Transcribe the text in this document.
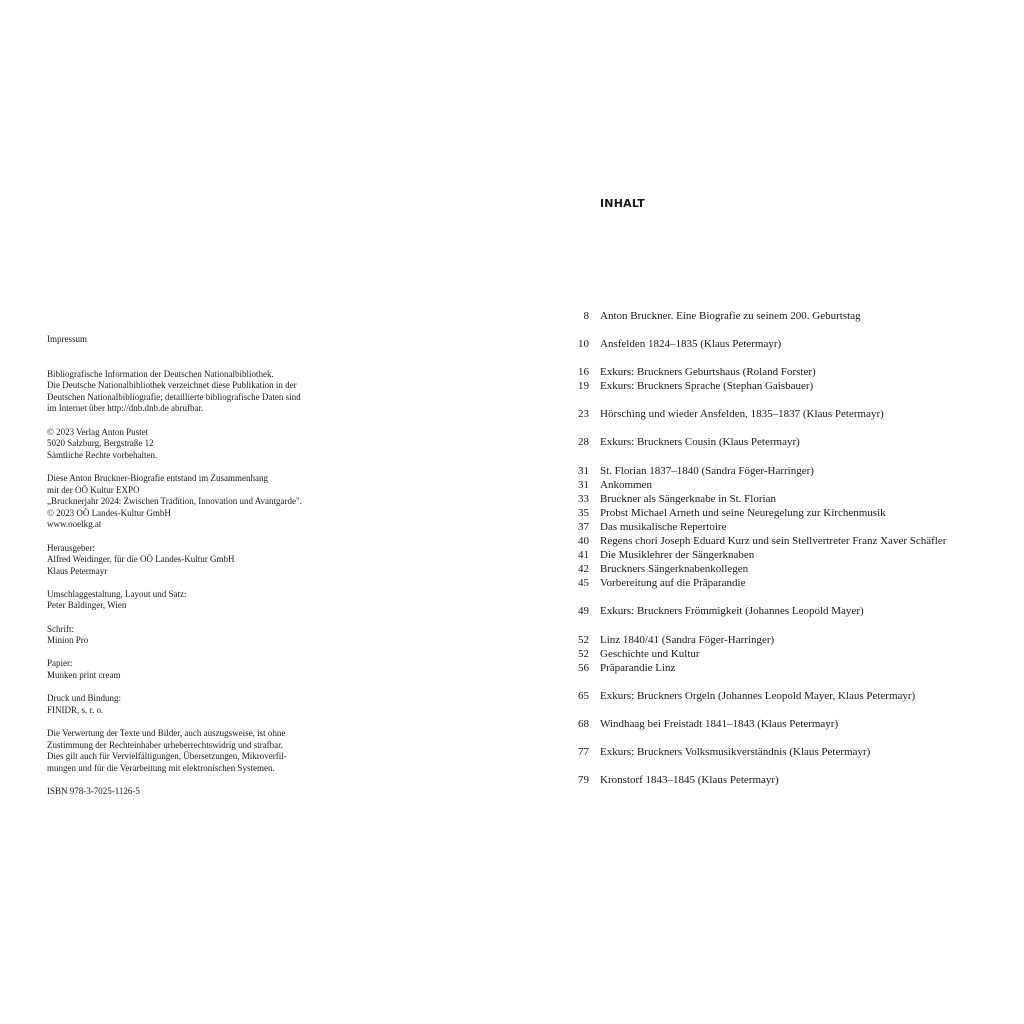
Impressum
Bibliografische Information der Deutschen Nationalbibliothek.
Die Deutsche Nationalbibliothek verzeichnet diese Publikation in der
Deutschen Nationalbibliografie; detaillierte bibliografische Daten sind
im Internet über http://dnb.dnb.de abrufbar.
© 2023 Verlag Anton Pustet
5020 Salzburg, Bergstraße 12
Sämtliche Rechte vorbehalten.
Diese Anton Bruckner-Biografie entstand im Zusammenhang
mit der OÖ Kultur EXPO
„Brucknerjahr 2024: Zwischen Tradition, Innovation und Avantgarde".
© 2023 OÖ Landes-Kultur GmbH
www.ooelkg.at
Herausgeber:
Alfred Weidinger, für die OÖ Landes-Kultur GmbH
Klaus Petermayr
Umschlaggestaltung, Layout und Satz:
Peter Baldinger, Wien
Schrift:
Minion Pro
Papier:
Munken print cream
Druck und Bindung:
FINIDR, s. r. o.
Die Verwertung der Texte und Bilder, auch auszugsweise, ist ohne
Zustimmung der Rechteinhaber urheberrechtswidrig und strafbar.
Dies gilt auch für Vervielfältigungen, Übersetzungen, Mikroverfil-
mungen und für die Verarbeitung mit elektronischen Systemen.
ISBN 978-3-7025-1126-5
INHALT
8 Anton Bruckner. Eine Biografie zu seinem 200. Geburtstag
10 Ansfelden 1824–1835 (Klaus Petermayr)
16 Exkurs: Bruckners Geburtshaus (Roland Forster)
19 Exkurs: Bruckners Sprache (Stephan Gaisbauer)
23 Hörsching und wieder Ansfelden, 1835–1837 (Klaus Petermayr)
28 Exkurs: Bruckners Cousin (Klaus Petermayr)
31 St. Florian 1837–1840 (Sandra Föger-Harringer)
31 Ankommen
33 Bruckner als Sängerknabe in St. Florian
35 Probst Michael Arneth und seine Neuregelung zur Kirchenmusik
37 Das musikalische Repertoire
40 Regens chori Joseph Eduard Kurz und sein Stellvertreter Franz Xaver Schäfler
41 Die Musiklehrer der Sängerknaben
42 Bruckners Sängerknabenkollegen
45 Vorbereitung auf die Präparandie
49 Exkurs: Bruckners Frömmigkeit (Johannes Leopold Mayer)
52 Linz 1840/41 (Sandra Föger-Harringer)
52 Geschichte und Kultur
56 Präparandie Linz
65 Exkurs: Bruckners Orgeln (Johannes Leopold Mayer, Klaus Petermayr)
68 Windhaag bei Freistadt 1841–1843 (Klaus Petermayr)
77 Exkurs: Bruckners Volksmusikverständnis (Klaus Petermayr)
79 Kronstorf 1843–1845 (Klaus Petermayr)
